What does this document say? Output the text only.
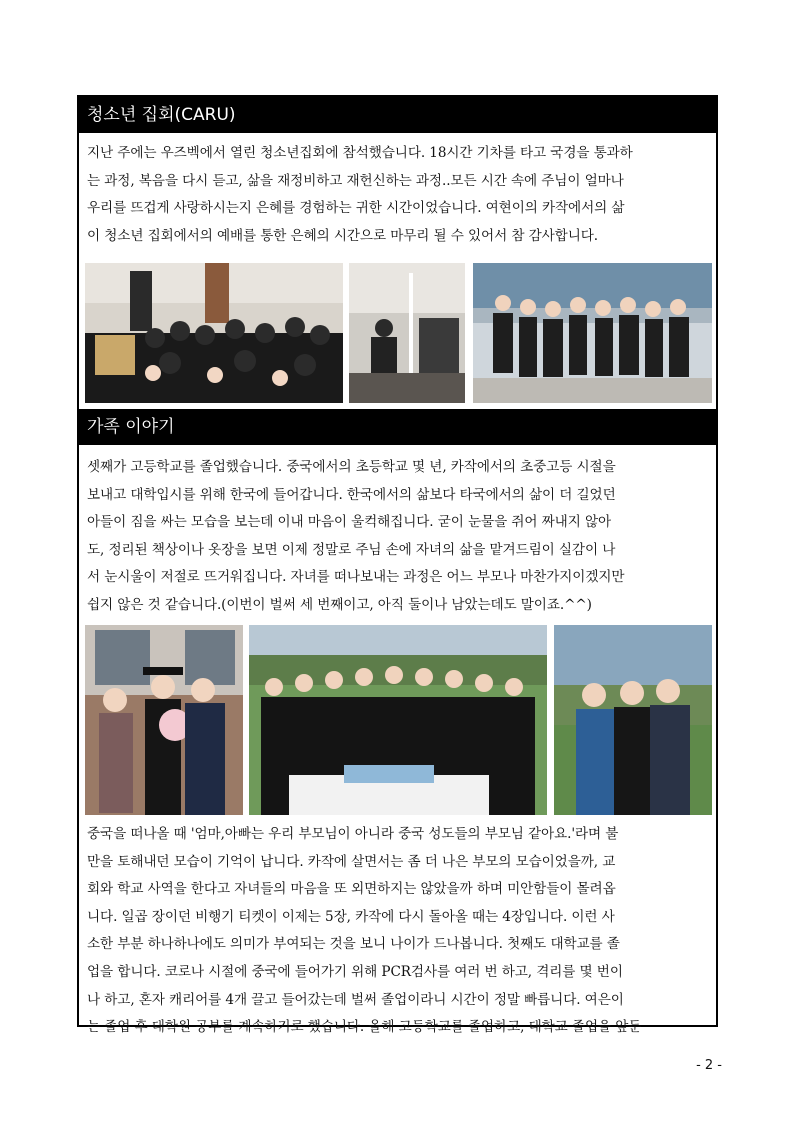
청소년 집회(CARU)
지난 주에는 우즈벡에서 열린 청소년집회에 참석했습니다. 18시간 기차를 타고 국경을 통과하
는 과정, 복음을 다시 듣고, 삶을 재정비하고 재헌신하는 과정..모든 시간 속에 주님이 얼마나
우리를 뜨겁게 사랑하시는지 은혜를 경험하는 귀한 시간이었습니다. 여현이의 카작에서의 삶
이 청소년 집회에서의 예배를 통한 은혜의 시간으로 마무리 될 수 있어서 참 감사합니다.
가족 이야기
셋째가 고등학교를 졸업했습니다. 중국에서의 초등학교 몇 년, 카작에서의 초중고등 시절을
보내고 대학입시를 위해 한국에 들어갑니다. 한국에서의 삶보다 타국에서의 삶이 더 길었던
아들이 짐을 싸는 모습을 보는데 이내 마음이 울컥해집니다. 굳이 눈물을 쥐어 짜내지 않아
도, 정리된 책상이나 옷장을 보면 이제 정말로 주님 손에 자녀의 삶을 맡겨드림이 실감이 나
서 눈시울이 저절로 뜨거워집니다. 자녀를 떠나보내는 과정은 어느 부모나 마찬가지이겠지만
쉽지 않은 것 같습니다.(이번이 벌써 세 번째이고, 아직 둘이나 남았는데도 말이죠.^^)
중국을 떠나올 때 '엄마,아빠는 우리 부모님이 아니라 중국 성도들의 부모님 같아요.'라며 불
만을 토해내던 모습이 기억이 납니다. 카작에 살면서는 좀 더 나은 부모의 모습이었을까, 교
회와 학교 사역을 한다고 자녀들의 마음을 또 외면하지는 않았을까 하며 미안함들이 몰려옵
니다. 일곱 장이던 비행기 티켓이 이제는 5장, 카작에 다시 돌아올 때는 4장입니다. 이런 사
소한 부분 하나하나에도 의미가 부여되는 것을 보니 나이가 드나봅니다. 첫째도 대학교를 졸
업을 합니다. 코로나 시절에 중국에 들어가기 위해 PCR검사를 여러 번 하고, 격리를 몇 번이
나 하고, 혼자 캐리어를 4개 끌고 들어갔는데 벌써 졸업이라니 시간이 정말 빠릅니다. 여은이
는 졸업 후 대학원 공부를 계속하기로 했습니다. 올해 고등학교를 졸업하고, 대학교 졸업을 앞둔
- 2 -
